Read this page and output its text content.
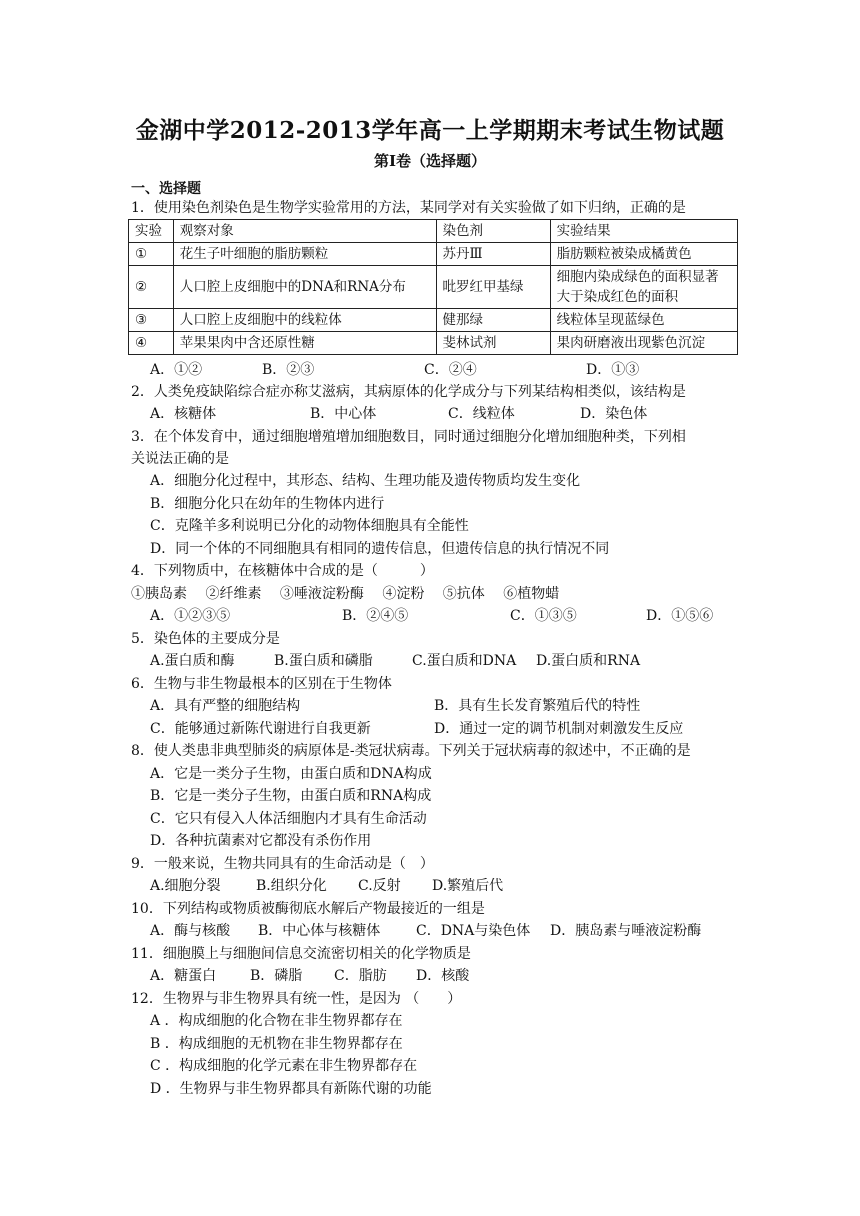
金湖中学2012-2013学年高一上学期期末考试生物试题
第Ⅰ卷（选择题）
一、选择题
1．使用染色剂染色是生物学实验常用的方法，某同学对有关实验做了如下归纳，正确的是
实验	观察对象	染色剂	实验结果
①	花生子叶细胞的脂肪颗粒	苏丹Ⅲ	脂肪颗粒被染成橘黄色
②	人口腔上皮细胞中的DNA和RNA分布	吡罗红甲基绿	细胞内染成绿色的面积显著大于染成红色的面积
③	人口腔上皮细胞中的线粒体	健那绿	线粒体呈现蓝绿色
④	苹果果肉中含还原性糖	斐林试剂	果肉研磨液出现紫色沉淀
A．①②	B．②③	C．②④	D．①③
2．人类免疫缺陷综合症亦称艾滋病，其病原体的化学成分与下列某结构相类似，该结构是
A．核糖体	B．中心体	C．线粒体	D．染色体
3．在个体发育中，通过细胞增殖增加细胞数目，同时通过细胞分化增加细胞种类，下列相
关说法正确的是
A．细胞分化过程中，其形态、结构、生理功能及遗传物质均发生变化
B．细胞分化只在幼年的生物体内进行
C．克隆羊多利说明已分化的动物体细胞具有全能性
D．同一个体的不同细胞具有相同的遗传信息，但遗传信息的执行情况不同
4．下列物质中，在核糖体中合成的是（　　　）
①胰岛素　 ②纤维素　 ③唾液淀粉酶　 ④淀粉　 ⑤抗体　 ⑥植物蜡
A．①②③⑤	B．②④⑤	C．①③⑤	D．①⑤⑥
5．染色体的主要成分是
A.蛋白质和酶	B.蛋白质和磷脂	C.蛋白质和DNA D.蛋白质和RNA
6．生物与非生物最根本的区别在于生物体
A．具有严整的细胞结构	B．具有生长发育繁殖后代的特性
C．能够通过新陈代谢进行自我更新	D．通过一定的调节机制对刺激发生反应
8．使人类患非典型肺炎的病原体是-类冠状病毒。下列关于冠状病毒的叙述中，不正确的是
A．它是一类分子生物，由蛋白质和DNA构成
B．它是一类分子生物，由蛋白质和RNA构成
C．它只有侵入人体活细胞内才具有生命活动
D．各种抗菌素对它都没有杀伤作用
9．一般来说，生物共同具有的生命活动是（　）
A.细胞分裂	B.组织分化 C.反射 D.繁殖后代
10．下列结构或物质被酶彻底水解后产物最接近的一组是
A．酶与核酸 B．中心体与核糖体	C．DNA与染色体 D．胰岛素与唾液淀粉酶
11．细胞膜上与细胞间信息交流密切相关的化学物质是
A．糖蛋白 B．磷脂 C．脂肪 D．核酸
12．生物界与非生物界具有统一性，是因为 （　　）
A ．构成细胞的化合物在非生物界都存在
B ．构成细胞的无机物在非生物界都存在
C ．构成细胞的化学元素在非生物界都存在
D ．生物界与非生物界都具有新陈代谢的功能
